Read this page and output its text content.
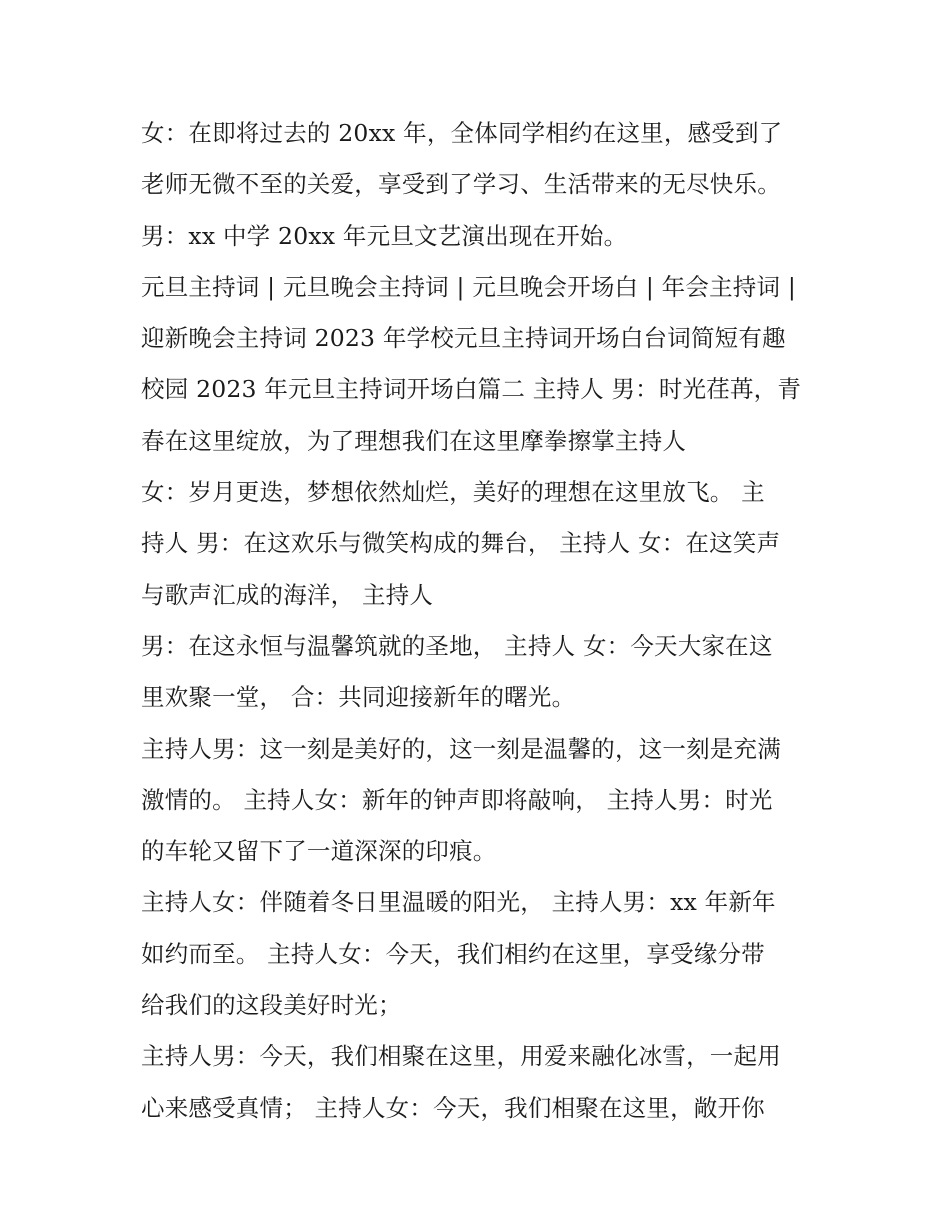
女：在即将过去的 20xx 年，全体同学相约在这里，感受到了
老师无微不至的关爱，享受到了学习、生活带来的无尽快乐。
男：xx 中学 20xx 年元旦文艺演出现在开始。
元旦主持词 | 元旦晚会主持词 | 元旦晚会开场白 | 年会主持词 |
迎新晚会主持词 2023 年学校元旦主持词开场白台词简短有趣
校园 2023 年元旦主持词开场白篇二 主持人 男：时光荏苒，青
春在这里绽放，为了理想我们在这里摩拳擦掌主持人
女：岁月更迭，梦想依然灿烂，美好的理想在这里放飞。 主
持人 男：在这欢乐与微笑构成的舞台， 主持人 女：在这笑声
与歌声汇成的海洋， 主持人
男：在这永恒与温馨筑就的圣地， 主持人 女：今天大家在这
里欢聚一堂， 合：共同迎接新年的曙光。
主持人男：这一刻是美好的，这一刻是温馨的，这一刻是充满
激情的。 主持人女：新年的钟声即将敲响， 主持人男：时光
的车轮又留下了一道深深的印痕。
主持人女：伴随着冬日里温暖的阳光， 主持人男：xx 年新年
如约而至。 主持人女：今天，我们相约在这里，享受缘分带
给我们的这段美好时光；
主持人男：今天，我们相聚在这里，用爱来融化冰雪，一起用
心来感受真情； 主持人女：今天，我们相聚在这里，敞开你
